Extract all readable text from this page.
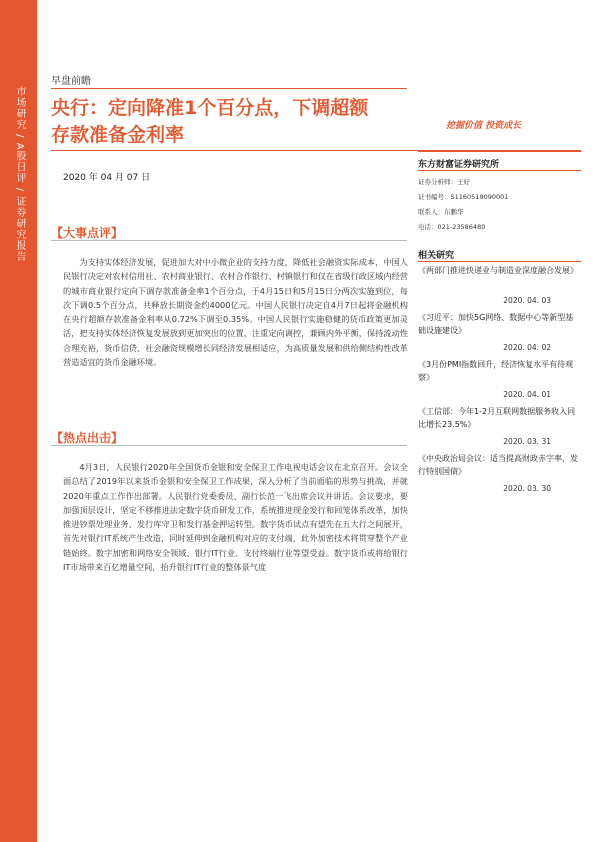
市场研究 / A股日评 / 证券研究报告
早盘前瞻
央行：定向降准1个百分点，下调超额
存款准备金利率	挖掘价值 投资成长
2020 年 04 月 07 日
【大事点评】
为支持实体经济发展，促进加大对中小微企业的支持力度，降低社会融资实际成本，中国人民银行决定对农村信用社、农村商业银行、农村合作银行、村镇银行和仅在省级行政区域内经营的城市商业银行定向下调存款准备金率1个百分点，于4月15日和5月15日分两次实施到位，每次下调0.5个百分点，共释放长期资金约4000亿元。中国人民银行决定自4月7日起将金融机构在央行超额存款准备金利率从0.72%下调至0.35%。中国人民银行实施稳健的货币政策更加灵活，把支持实体经济恢复发展放到更加突出的位置，注重定向调控，兼顾内外平衡，保持流动性合理充裕，货币信贷、社会融资规模增长同经济发展相适应，为高质量发展和供给侧结构性改革营造适宜的货币金融环境。
【热点出击】
4月3日，人民银行2020年全国货币金银和安全保卫工作电视电话会议在北京召开。会议全面总结了2019年以来货币金银和安全保卫工作成果，深入分析了当前面临的形势与挑战，并就2020年重点工作作出部署。人民银行党委委员、副行长范一飞出席会议并讲话。会议要求，要加强顶层设计，坚定不移推进法定数字货币研发工作，系统推进现金发行和回笼体系改革，加快推进钞票处理业务、发行库守卫和发行基金押运转型。数字货币试点有望先在五大行之间展开，首先对银行IT系统产生改造，同时延伸到金融机构对应的支付端，此外加密技术将贯穿整个产业链始终。数字加密和网络安全领域、银行IT行业、支付终端行业等望受益。数字货币或将给银行IT市场带来百亿增量空间，抬升银行IT行业的整体景气度
东方财富证券研究所
证券分析师：王好
证书编号：S1160519090001
联系人：东鹏华
电话：021-23586480
相关研究
《两部门推进快递业与制造业深度融合发展》
2020. 04. 03
《习近平：加快5G网络、数据中心等新型基础设施建设》
2020. 04. 02
《3月份PMI指数回升，经济恢复水平有待观察》
2020. 04. 01
《工信部：今年1-2月互联网数据服务收入同比增长23.5%》
2020. 03. 31
《中央政治局会议：适当提高财政赤字率，发行特别国债》
2020. 03. 30
